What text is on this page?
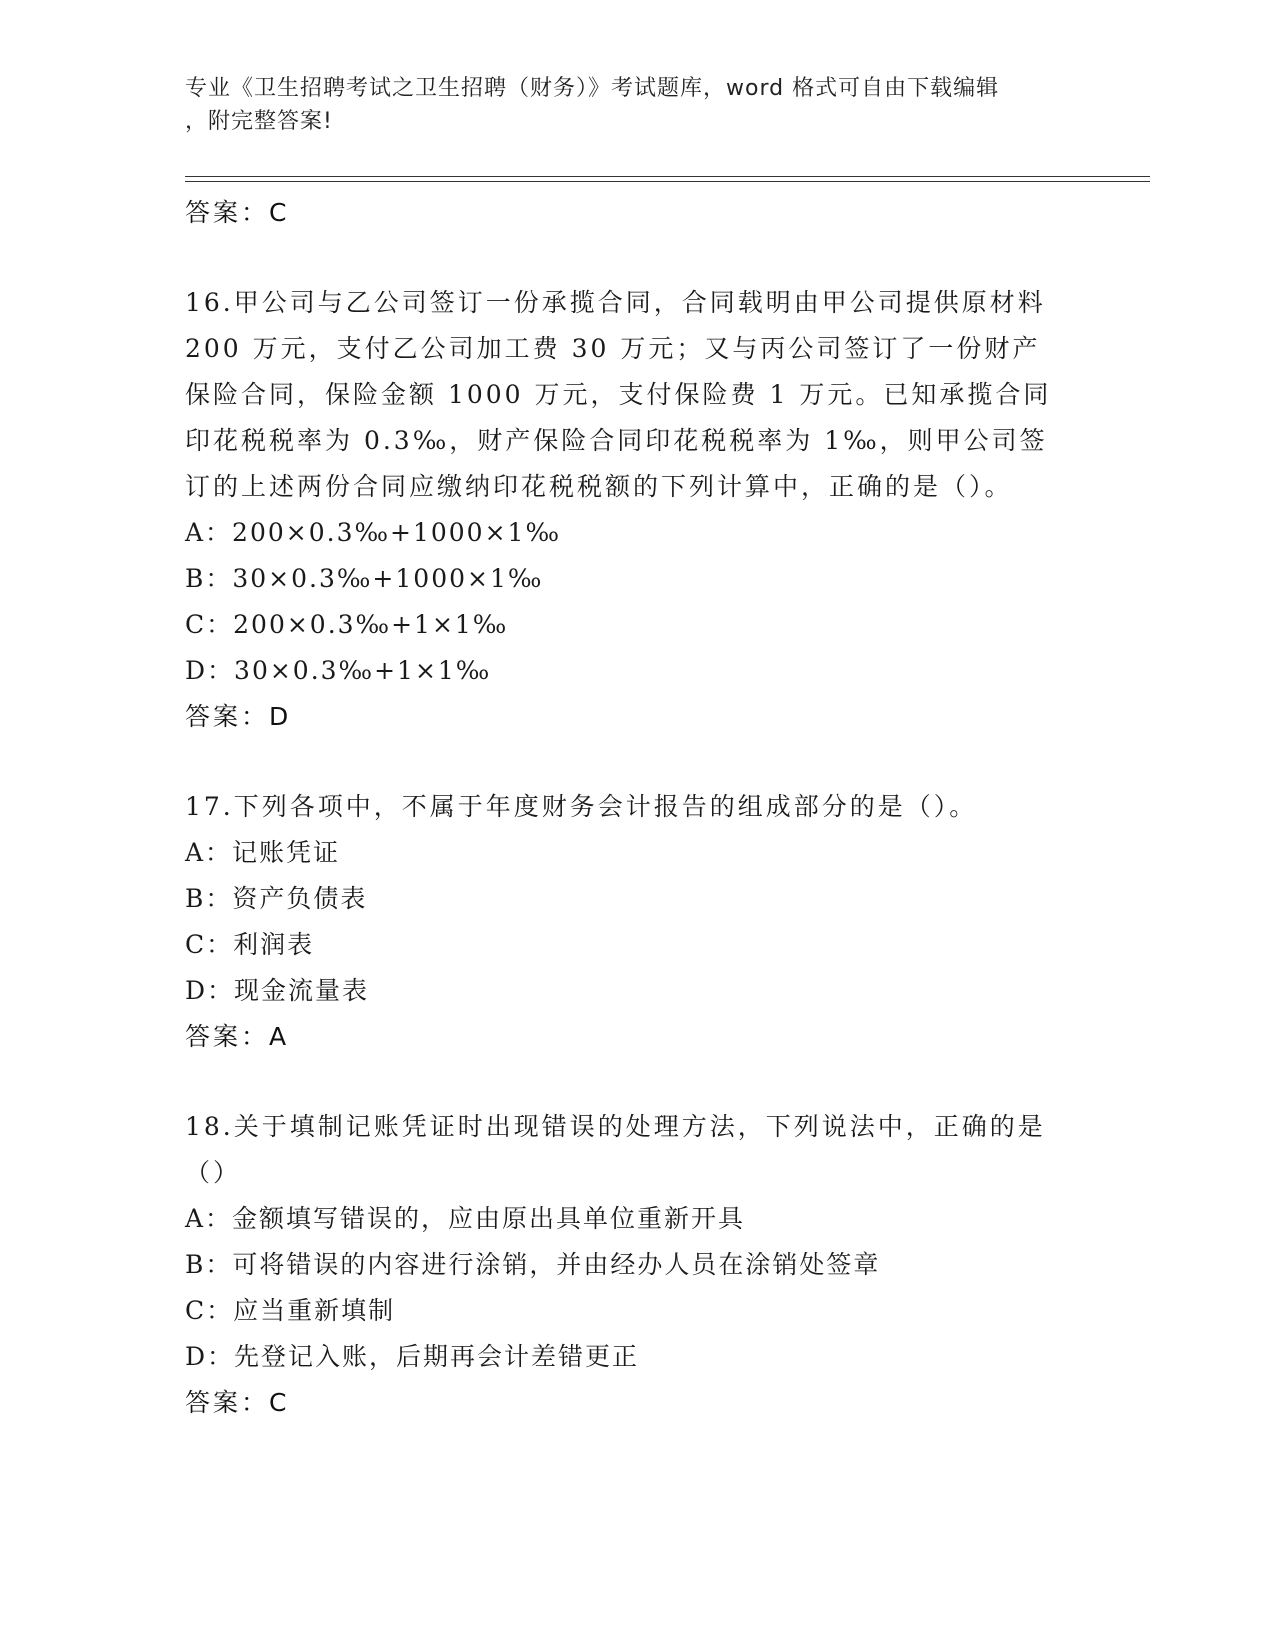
专业《卫生招聘考试之卫生招聘（财务）》考试题库，word 格式可自由下载编辑
，附完整答案!
答案：C

16.甲公司与乙公司签订一份承揽合同，合同载明由甲公司提供原材料 200 万元，支付乙公司加工费 30 万元；又与丙公司签订了一份财产保险合同，保险金额 1000 万元，支付保险费 1 万元。已知承揽合同印花税税率为 0.3‰，财产保险合同印花税税率为 1‰，则甲公司签订的上述两份合同应缴纳印花税税额的下列计算中，正确的是（）。

A：200×0.3‰+1000×1‰

B：30×0.3‰+1000×1‰

C：200×0.3‰+1×1‰

D：30×0.3‰+1×1‰

答案：D

17.下列各项中，不属于年度财务会计报告的组成部分的是（）。

A：记账凭证

B：资产负债表

C：利润表

D：现金流量表

答案：A

18.关于填制记账凭证时出现错误的处理方法，下列说法中，正确的是（）

A：金额填写错误的，应由原出具单位重新开具

B：可将错误的内容进行涂销，并由经办人员在涂销处签章

C：应当重新填制

D：先登记入账，后期再会计差错更正

答案：C
